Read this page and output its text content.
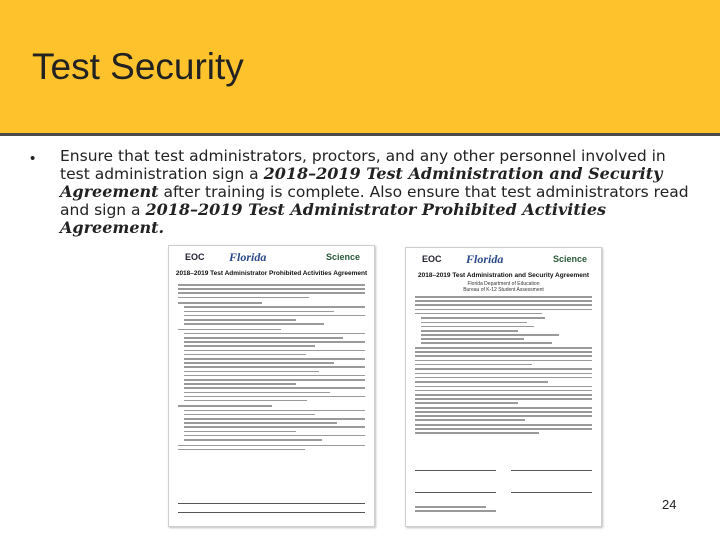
Test Security
• Ensure that test administrators, proctors, and any other personnel involved in test administration sign a 2018–2019 Test Administration and Security Agreement after training is complete. Also ensure that test administrators read and sign a 2018–2019 Test Administrator Prohibited Activities Agreement.
EOC Florida	Science
2018–2019 Test Administrator Prohibited Activities Agreement
EOC Florida	Science
2018–2019 Test Administration and Security Agreement
Florida Department of Education
Bureau of K-12 Student Assessment
24
